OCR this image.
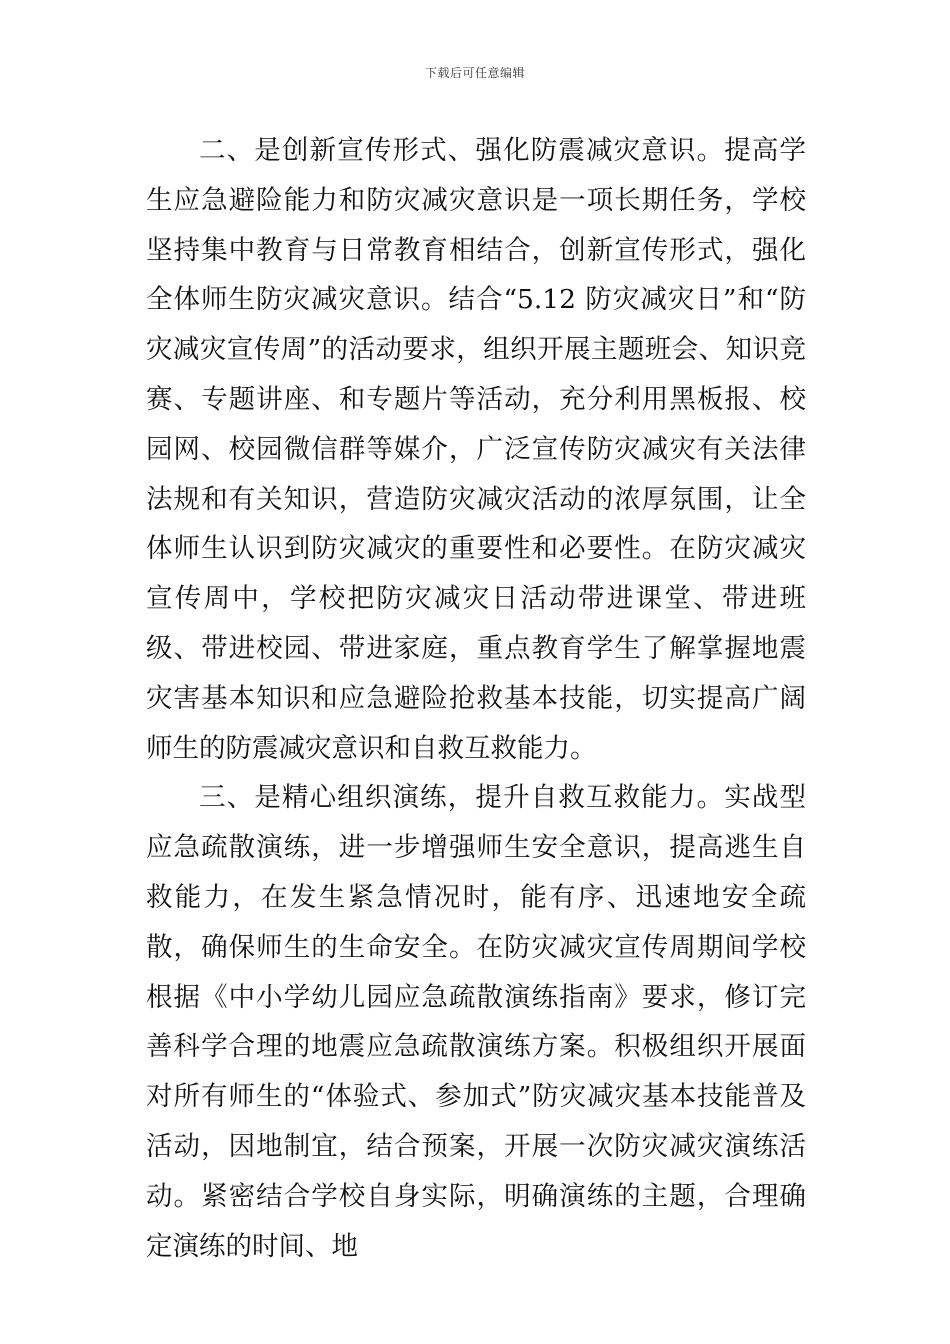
下载后可任意编辑

二、是创新宣传形式、强化防震减灾意识。提高学生应急避险能力和防灾减灾意识是一项长期任务，学校坚持集中教育与日常教育相结合，创新宣传形式，强化全体师生防灾减灾意识。结合“5.12 防灾减灾日”和“防灾减灾宣传周”的活动要求，组织开展主题班会、知识竞赛、专题讲座、和专题片等活动，充分利用黑板报、校园网、校园微信群等媒介，广泛宣传防灾减灾有关法律法规和有关知识，营造防灾减灾活动的浓厚氛围，让全体师生认识到防灾减灾的重要性和必要性。在防灾减灾宣传周中，学校把防灾减灾日活动带进课堂、带进班级、带进校园、带进家庭，重点教育学生了解掌握地震灾害基本知识和应急避险抢救基本技能，切实提高广阔师生的防震减灾意识和自救互救能力。

三、是精心组织演练，提升自救互救能力。实战型应急疏散演练，进一步增强师生安全意识，提高逃生自救能力，在发生紧急情况时，能有序、迅速地安全疏散，确保师生的生命安全。在防灾减灾宣传周期间学校根据《中小学幼儿园应急疏散演练指南》要求，修订完善科学合理的地震应急疏散演练方案。积极组织开展面对所有师生的“体验式、参加式”防灾减灾基本技能普及活动，因地制宜，结合预案，开展一次防灾减灾演练活动。紧密结合学校自身实际，明确演练的主题，合理确定演练的时间、地
